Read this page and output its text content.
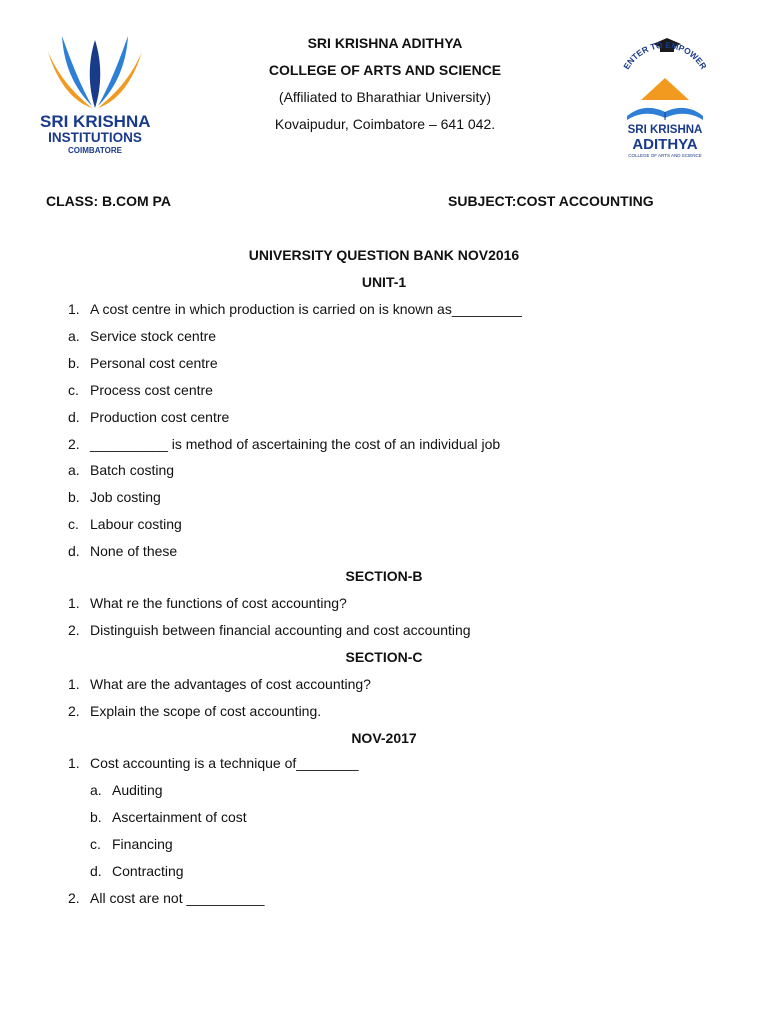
SRI KRISHNA
INSTITUTIONS
COIMBATORE
SRI KRISHNA ADITHYA
COLLEGE OF ARTS AND SCIENCE
(Affiliated to Bharathiar University)
Kovaipudur, Coimbatore – 641 042.
ENTER TO EMPOWER
SRI KRISHNA
ADITHYA
COLLEGE OF ARTS AND SCIENCE
CLASS: B.COM PA	SUBJECT:COST ACCOUNTING
UNIVERSITY QUESTION BANK NOV2016
UNIT-1
1. A cost centre in which production is carried on is known as_________
a. Service stock centre
b. Personal cost centre
c. Process cost centre
d. Production cost centre
2. __________ is method of ascertaining the cost of an individual job
a. Batch costing
b. Job costing
c. Labour costing
d. None of these
SECTION-B
1. What re the functions of cost accounting?
2. Distinguish between financial accounting and cost accounting
SECTION-C
1. What are the advantages of cost accounting?
2. Explain the scope of cost accounting.
NOV-2017
1. Cost accounting is a technique of________
a. Auditing
b. Ascertainment of cost
c. Financing
d. Contracting
2. All cost are not __________
